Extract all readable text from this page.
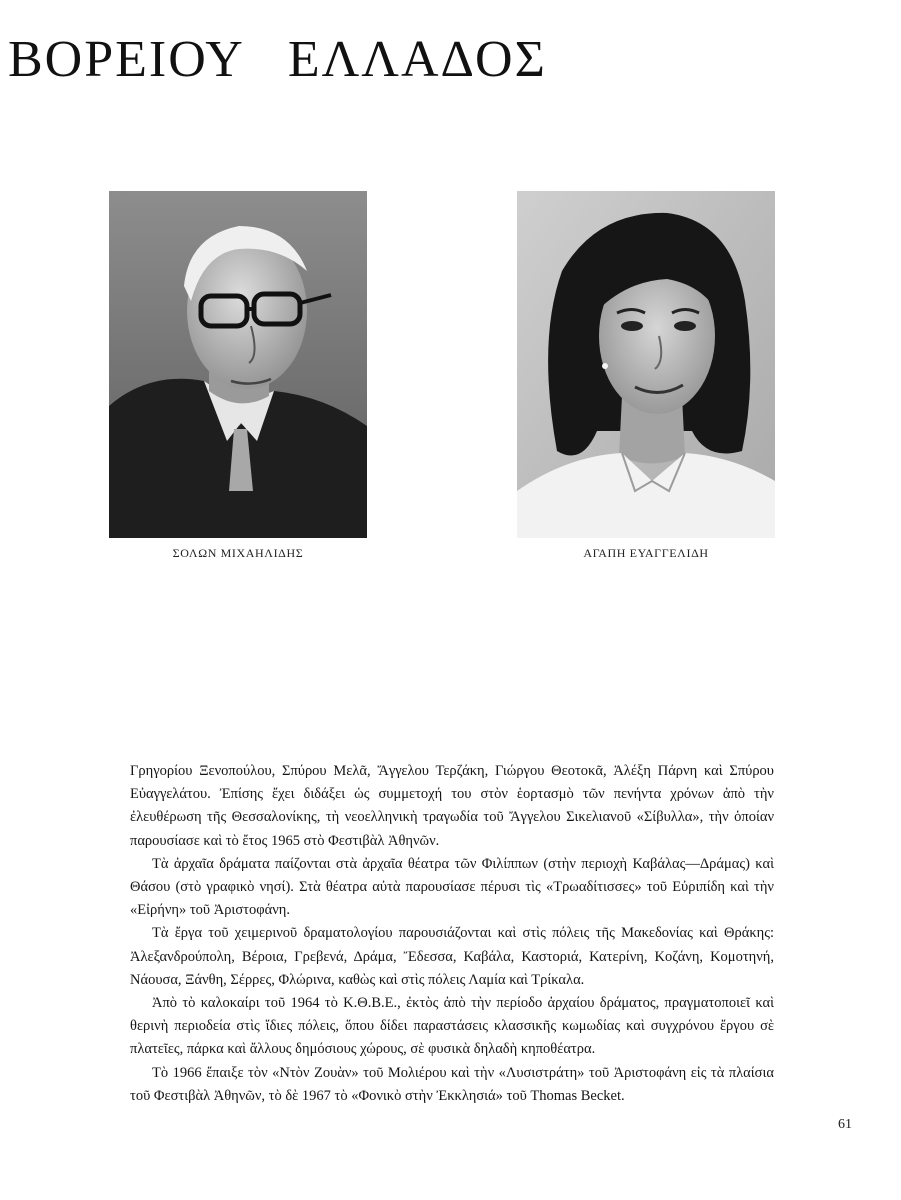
ΒΟΡΕΙΟΥ   ΕΛΛΑΔΟΣ
ΣΟΛΩΝ ΜΙΧΑΗΛΙΔΗΣ	ΑΓΑΠΗ ΕΥΑΓΓΕΛΙΔΗ

Γρηγορίου Ξενοπούλου, Σπύρου Μελᾶ, Ἄγγελου Τερζάκη, Γιώργου Θεοτοκᾶ, Ἀλέξη Πάρνη καὶ Σπύρου Εὐαγγελάτου. Ἐπίσης ἔχει διδάξει ὡς συμμετοχή του στὸν ἑορτασμὸ τῶν πενήντα χρόνων ἀπὸ τὴν ἐλευθέρωση τῆς Θεσσαλονίκης, τὴ νεοελληνικὴ τραγωδία τοῦ Ἄγγελου Σικελιανοῦ «Σίβυλλα», τὴν ὁποίαν παρουσίασε καὶ τὸ ἔτος 1965 στὸ Φεστιβὰλ Ἀθηνῶν.

Τὰ ἀρχαῖα δράματα παίζονται στὰ ἀρχαῖα θέατρα τῶν Φιλίππων (στὴν περιοχὴ Καβάλας—Δράμας) καὶ Θάσου (στὸ γραφικὸ νησί). Στὰ θέατρα αὐτὰ παρουσίασε πέρυσι τὶς «Τρωαδίτισσες» τοῦ Εὐριπίδη καὶ τὴν «Εἰρήνη» τοῦ Ἀριστοφάνη.

Τὰ ἔργα τοῦ χειμερινοῦ δραματολογίου παρουσιάζονται καὶ στὶς πόλεις τῆς Μακεδονίας καὶ Θράκης: Ἀλεξανδρούπολη, Βέροια, Γρεβενά, Δράμα, Ἔδεσσα, Καβάλα, Καστοριά, Κατερίνη, Κοζάνη, Κομοτηνή, Νάουσα, Ξάνθη, Σέρρες, Φλώρινα, καθὼς καὶ στὶς πόλεις Λαμία καὶ Τρίκαλα.

Ἀπὸ τὸ καλοκαίρι τοῦ 1964 τὸ Κ.Θ.Β.Ε., ἐκτὸς ἀπὸ τὴν περίοδο ἀρχαίου δράματος, πραγματοποιεῖ καὶ θερινὴ περιοδεία στὶς ἴδιες πόλεις, ὅπου δίδει παραστάσεις κλασσικῆς κωμωδίας καὶ συγχρόνου ἔργου σὲ πλατεῖες, πάρκα καὶ ἄλλους δημόσιους χώρους, σὲ φυσικὰ δηλαδὴ κηποθέατρα.

Τὸ 1966 ἔπαιξε τὸν «Ντὸν Ζουὰν» τοῦ Μολιέρου καὶ τὴν «Λυσιστράτη» τοῦ Ἀριστοφάνη εἰς τὰ πλαίσια τοῦ Φεστιβὰλ Ἀθηνῶν, τὸ δὲ 1967 τὸ «Φονικὸ στὴν Ἐκκλησιά» τοῦ Thomas Becket.

61
